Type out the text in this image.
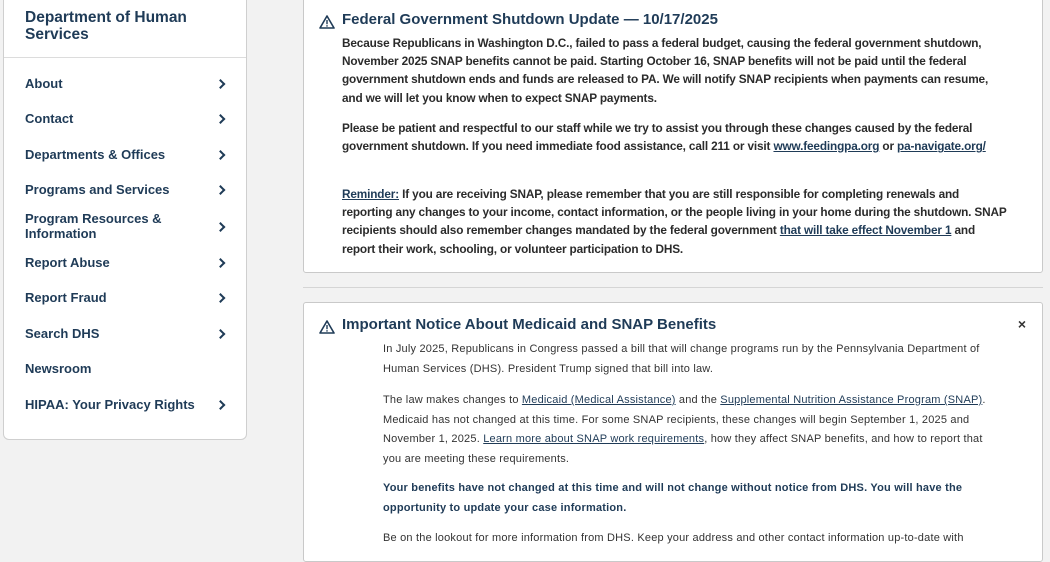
Department of Human Services
About
Contact
Departments & Offices
Programs and Services
Program Resources & Information
Report Abuse
Report Fraud
Search DHS
Newsroom
HIPAA: Your Privacy Rights
Federal Government Shutdown Update — 10/17/2025

Because Republicans in Washington D.C., failed to pass a federal budget, causing the federal government shutdown, November 2025 SNAP benefits cannot be paid. Starting October 16, SNAP benefits will not be paid until the federal government shutdown ends and funds are released to PA. We will notify SNAP recipients when payments can resume, and we will let you know when to expect SNAP payments.

Please be patient and respectful to our staff while we try to assist you through these changes caused by the federal government shutdown. If you need immediate food assistance, call 211 or visit www.feedingpa.org or pa-navigate.org/

Reminder: If you are receiving SNAP, please remember that you are still responsible for completing renewals and reporting any changes to your income, contact information, or the people living in your home during the shutdown. SNAP recipients should also remember changes mandated by the federal government that will take effect November 1 and report their work, schooling, or volunteer participation to DHS.

Important Notice About Medicaid and SNAP Benefits	×

In July 2025, Republicans in Congress passed a bill that will change programs run by the Pennsylvania Department of Human Services (DHS). President Trump signed that bill into law.

The law makes changes to Medicaid (Medical Assistance) and the Supplemental Nutrition Assistance Program (SNAP). Medicaid has not changed at this time. For some SNAP recipients, these changes will begin September 1, 2025 and November 1, 2025. Learn more about SNAP work requirements, how they affect SNAP benefits, and how to report that you are meeting these requirements.

Your benefits have not changed at this time and will not change without notice from DHS. You will have the opportunity to update your case information.

Be on the lookout for more information from DHS. Keep your address and other contact information up-to-date with
